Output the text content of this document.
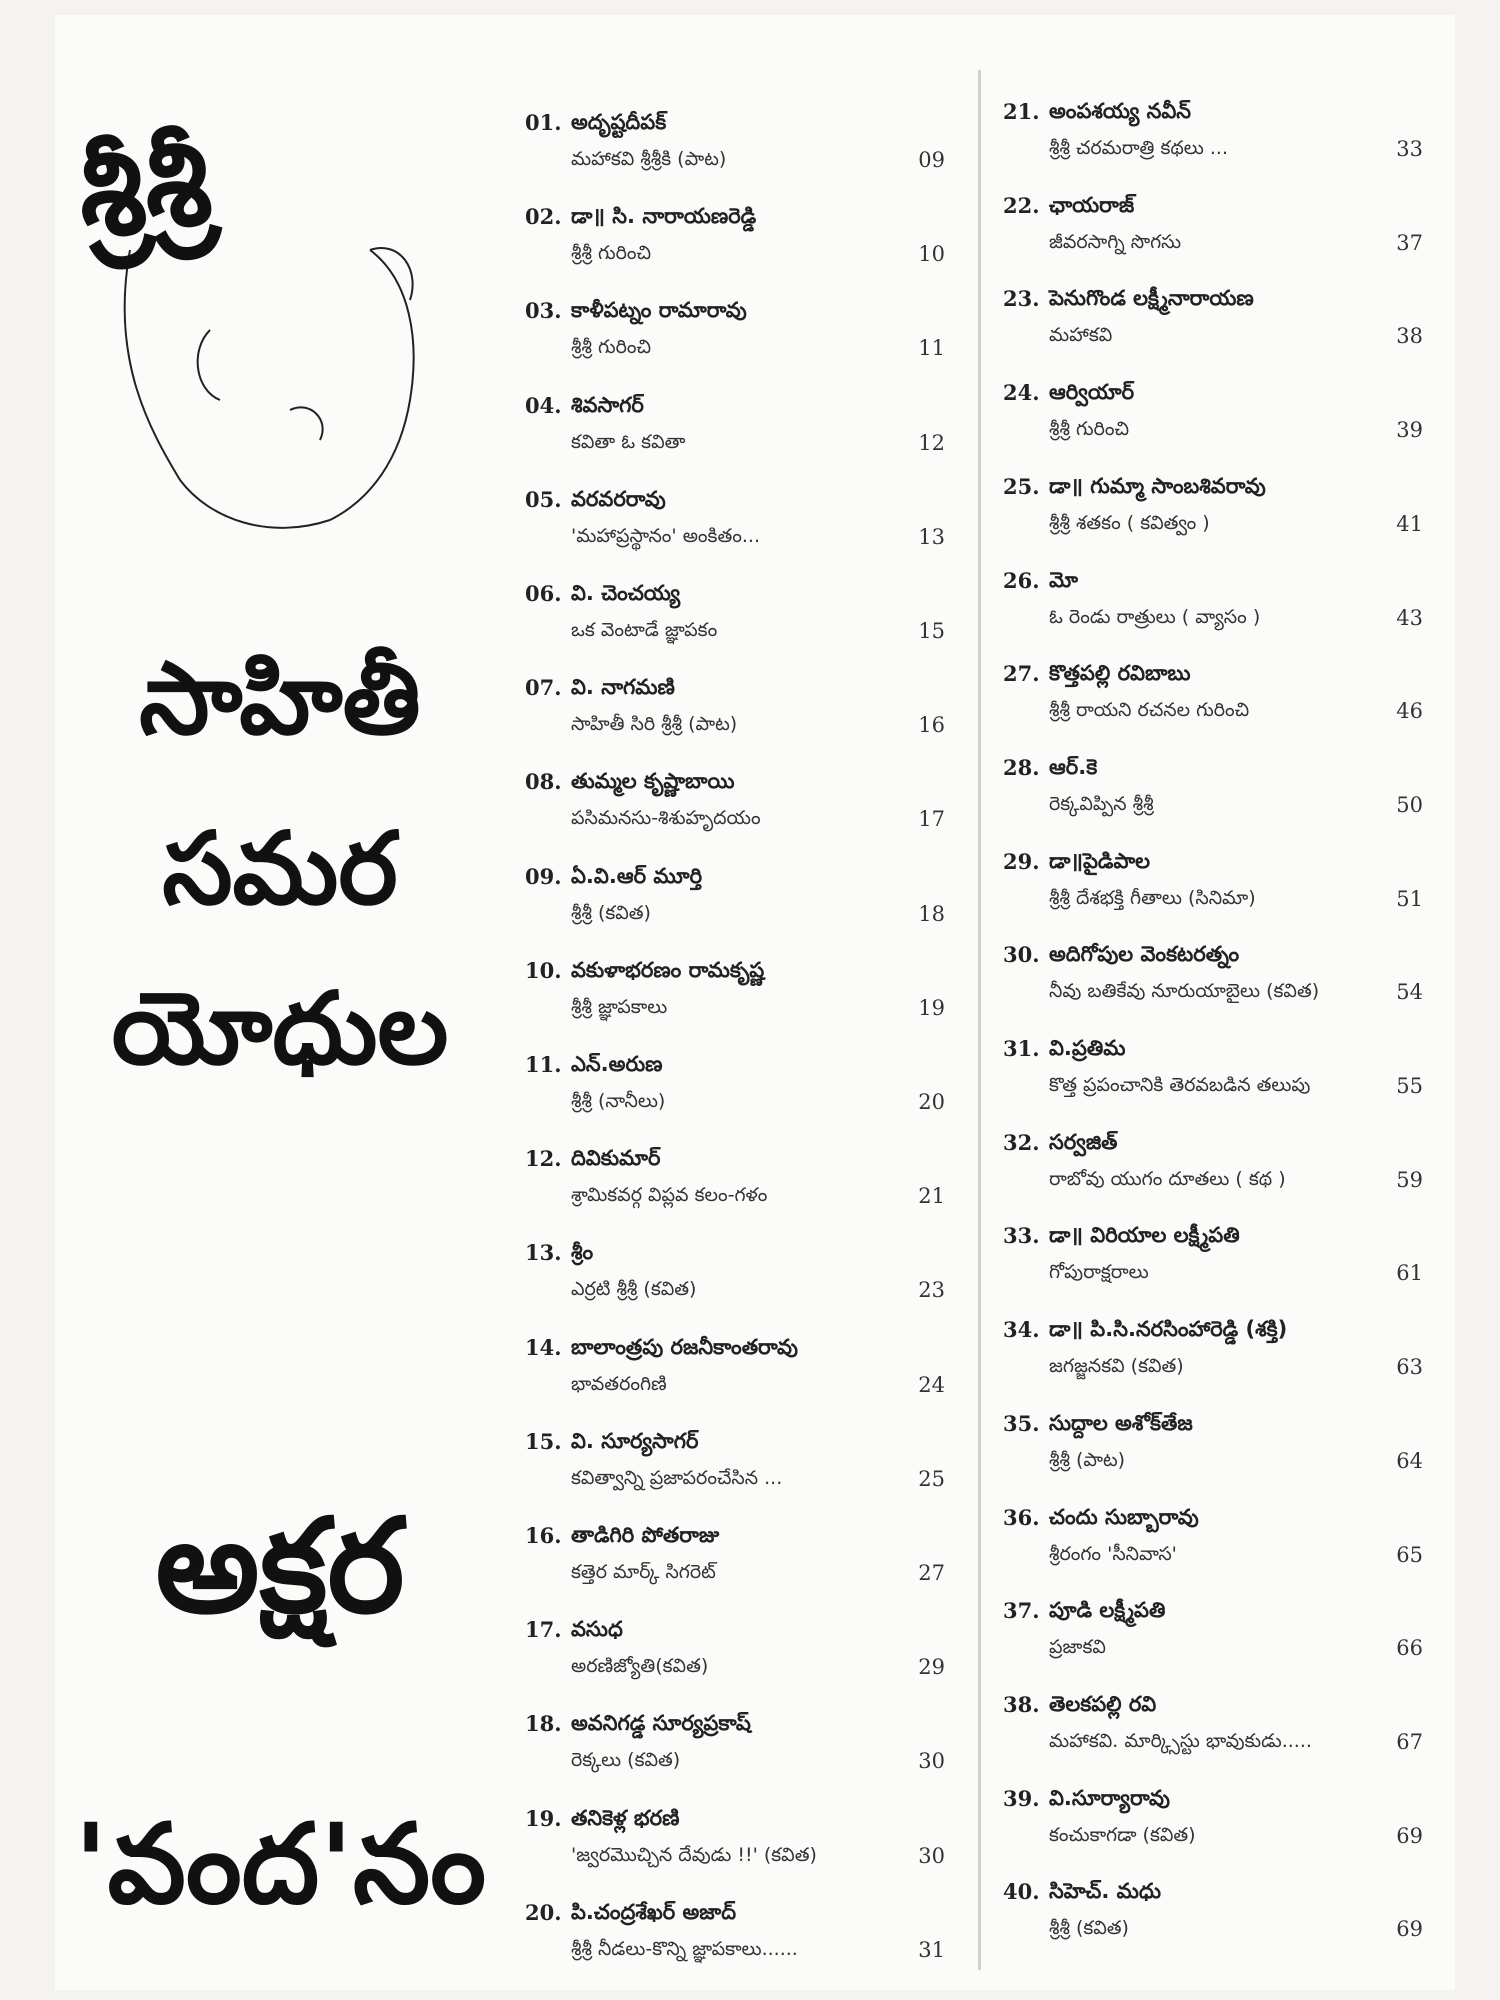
శ్రీశ్రీ
సాహితీ
సమర
యోధుల
అక్షర
'వంద'నం
01. అదృష్టదీపక్
మహాకవి శ్రీశ్రీకి (పాట)	09
02. డా॥ సి. నారాయణరెడ్డి
శ్రీశ్రీ గురించి	10
03. కాళీపట్నం రామారావు
శ్రీశ్రీ గురించి	11
04. శివసాగర్
కవితా ఓ కవితా	12
05. వరవరరావు
'మహాప్రస్థానం' అంకితం...	13
06. వి. చెంచయ్య
ఒక వెంటాడే జ్ఞాపకం	15
07. వి. నాగమణి
సాహితీ సిరి శ్రీశ్రీ (పాట)	16
08. తుమ్మల కృష్ణాబాయి
పసిమనసు-శిశుహృదయం	17
09. ఏ.వి.ఆర్ మూర్తి
శ్రీశ్రీ (కవిత)	18
10. వకుళాభరణం రామకృష్ణ
శ్రీశ్రీ జ్ఞాపకాలు	19
11. ఎన్.అరుణ
శ్రీశ్రీ (నానీలు)	20
12. దివికుమార్
శ్రామికవర్గ విప్లవ కలం-గళం	21
13. శ్రీం
ఎర్రటి శ్రీశ్రీ (కవిత)	23
14. బాలాంత్రపు రజనీకాంతరావు
భావతరంగిణి	24
15. వి. సూర్యసాగర్
కవిత్వాన్ని ప్రజాపరంచేసిన ...	25
16. తాడిగిరి పోతరాజు
కత్తెర మార్క్ సిగరెట్	27
17. వసుధ
అరణిజ్యోతి(కవిత)	29
18. అవనిగడ్డ సూర్యప్రకాష్
రెక్కలు (కవిత)	30
19. తనికెళ్ల భరణి
'జ్వరమొచ్చిన దేవుడు !!' (కవిత)	30
20. పి.చంద్రశేఖర్ అజాద్
శ్రీశ్రీ నీడలు-కొన్ని జ్ఞాపకాలు......	31
21. అంపశయ్య నవీన్
శ్రీశ్రీ చరమరాత్రి కథలు ...	33
22. ఛాయరాజ్
జీవరసాగ్ని సొగసు	37
23. పెనుగొండ లక్ష్మీనారాయణ
మహాకవి	38
24. ఆర్వియార్
శ్రీశ్రీ గురించి	39
25. డా॥ గుమ్మా సాంబశివరావు
శ్రీశ్రీ శతకం ( కవిత్వం )	41
26. మో
ఓ రెండు రాత్రులు ( వ్యాసం )	43
27. కొత్తపల్లి రవిబాబు
శ్రీశ్రీ రాయని రచనల గురించి	46
28. ఆర్.కె
రెక్కవిప్పిన శ్రీశ్రీ	50
29. డా॥పైడిపాల
శ్రీశ్రీ దేశభక్తి గీతాలు (సినిమా)	51
30. అదిగోపుల వెంకటరత్నం
నీవు బతికేవు నూరుయాబైలు (కవిత)	54
31. వి.ప్రతిమ
కొత్త ప్రపంచానికి తెరవబడిన తలుపు	55
32. సర్వజిత్
రాబోవు యుగం దూతలు ( కథ )	59
33. డా॥ విరియాల లక్ష్మీపతి
గోపురాక్షరాలు	61
34. డా॥ పి.సి.నరసింహారెడ్డి (శక్తి)
జగజ్జనకవి (కవిత)	63
35. సుద్దాల అశోక్‌తేజ
శ్రీశ్రీ (పాట)	64
36. చందు సుబ్బారావు
శ్రీరంగం 'సీనివాస'	65
37. పూడి లక్ష్మీపతి
ప్రజాకవి	66
38. తెలకపల్లి రవి
మహాకవి. మార్క్సిస్టు భావుకుడు.....	67
39. వి.సూర్యారావు
కంచుకాగడా (కవిత)	69
40. సిహెచ్. మధు
శ్రీశ్రీ (కవిత)	69
